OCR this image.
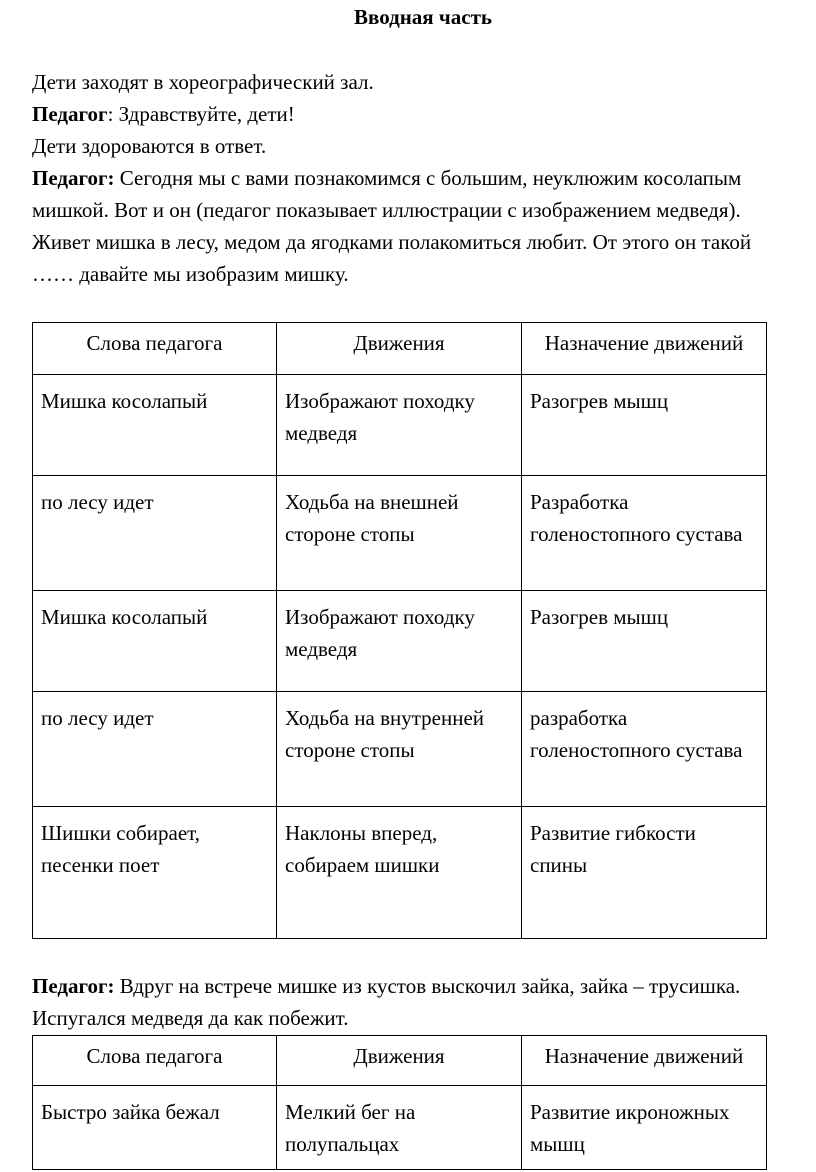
Вводная часть

Дети заходят в хореографический зал.

Педагог: Здравствуйте, дети!

Дети здороваются в ответ.

Педагог: Сегодня мы с вами познакомимся с большим, неуклюжим косолапым мишкой. Вот и он (педагог показывает иллюстрации с изображением медведя). Живет мишка в лесу, медом да ягодками полакомиться любит. От этого он такой …… давайте мы изобразим мишку.

Слова педагога	Движения	Назначение движений
Мишка косолапый	Изображают походку медведя	Разогрев мышц
по лесу идет	Ходьба на внешней стороне стопы	Разработка голеностопного сустава
Мишка косолапый	Изображают походку медведя	Разогрев мышц
по лесу идет	Ходьба на внутренней стороне стопы	разработка голеностопного сустава
Шишки собирает, песенки поет	Наклоны вперед, собираем шишки	Развитие гибкости спины

Педагог: Вдруг на встрече мишке из кустов выскочил зайка, зайка – трусишка. Испугался медведя да как побежит.

Слова педагога	Движения	Назначение движений
Быстро зайка бежал	Мелкий бег на полупальцах	Развитие икроножных мышц
